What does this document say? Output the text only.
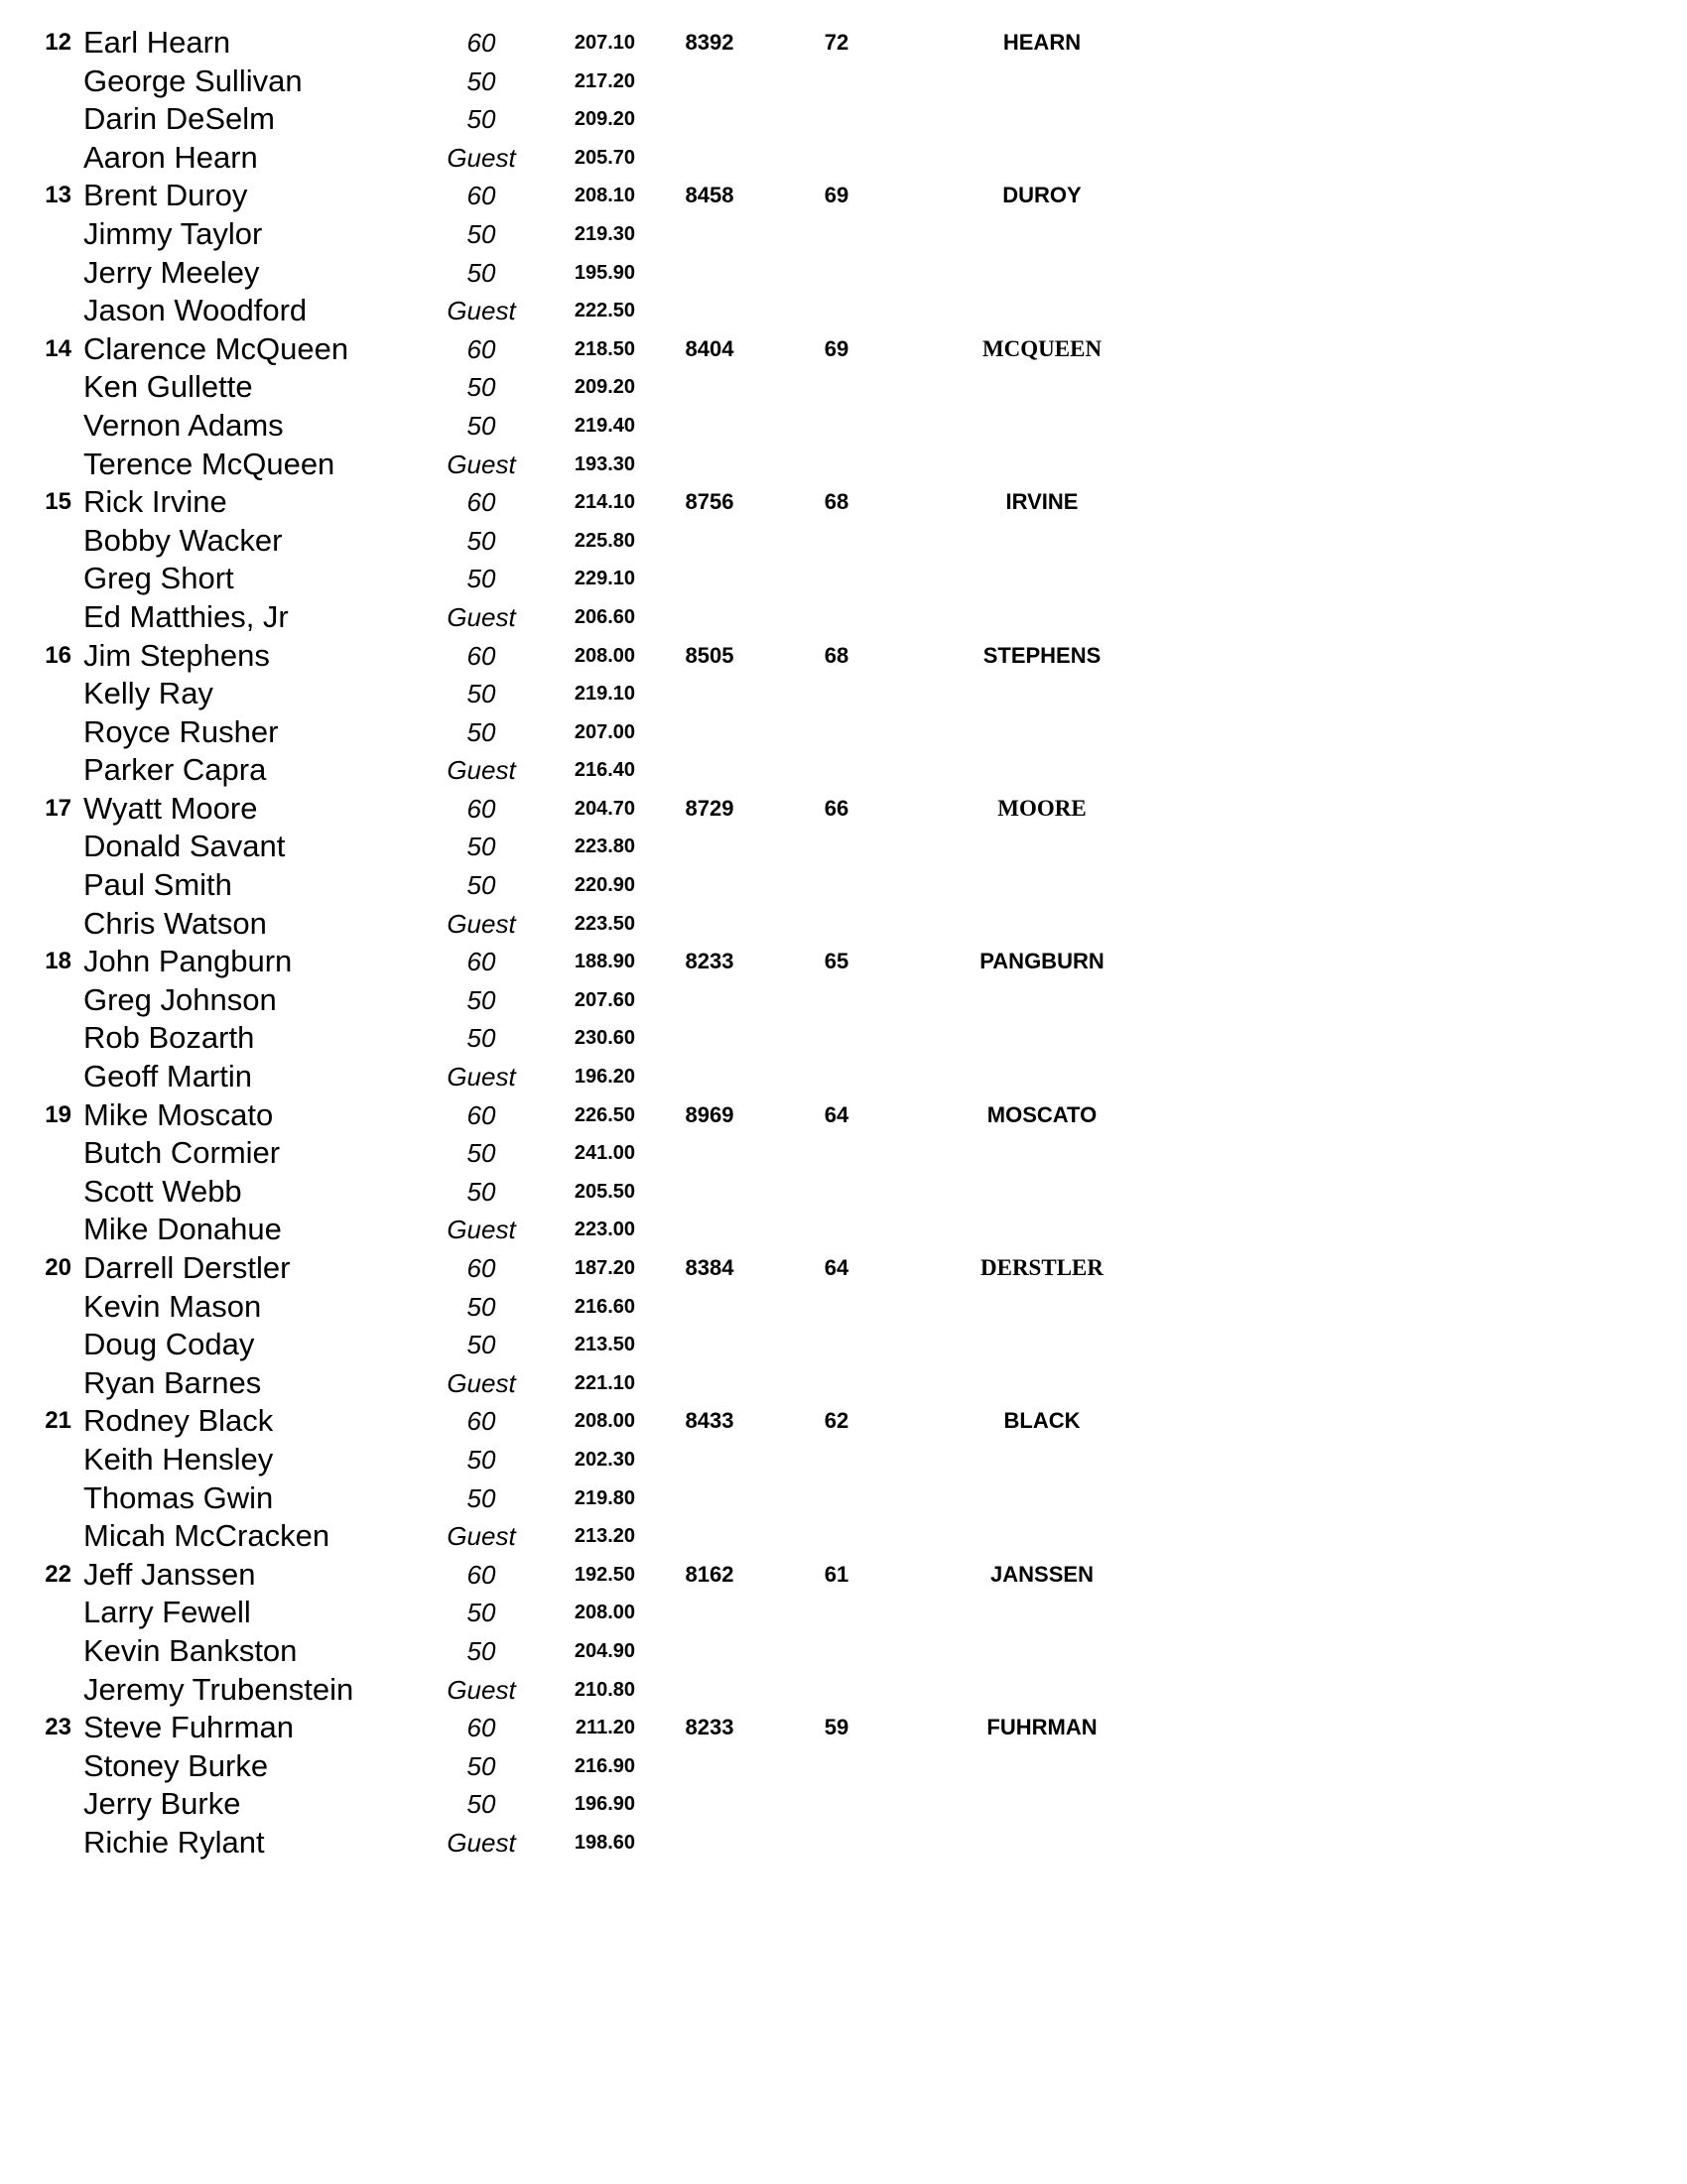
12 Earl Hearn	60	207.10	8392	72	HEARN
George Sullivan	50	217.20
Darin DeSelm	50	209.20
Aaron Hearn	Guest	205.70
13 Brent Duroy	60	208.10	8458	69	DUROY
Jimmy Taylor	50	219.30
Jerry Meeley	50	195.90
Jason Woodford	Guest	222.50
14 Clarence McQueen	60	218.50	8404	69	MCQUEEN
Ken Gullette	50	209.20
Vernon Adams	50	219.40
Terence McQueen	Guest	193.30
15 Rick Irvine	60	214.10	8756	68	IRVINE
Bobby Wacker	50	225.80
Greg Short	50	229.10
Ed Matthies, Jr	Guest	206.60
16 Jim Stephens	60	208.00	8505	68	STEPHENS
Kelly Ray	50	219.10
Royce Rusher	50	207.00
Parker Capra	Guest	216.40
17 Wyatt Moore	60	204.70	8729	66	MOORE
Donald Savant	50	223.80
Paul Smith	50	220.90
Chris Watson	Guest	223.50
18 John Pangburn	60	188.90	8233	65	PANGBURN
Greg Johnson	50	207.60
Rob Bozarth	50	230.60
Geoff Martin	Guest	196.20
19 Mike Moscato	60	226.50	8969	64	MOSCATO
Butch Cormier	50	241.00
Scott Webb	50	205.50
Mike Donahue	Guest	223.00
20 Darrell Derstler	60	187.20	8384	64	DERSTLER
Kevin Mason	50	216.60
Doug Coday	50	213.50
Ryan Barnes	Guest	221.10
21 Rodney Black	60	208.00	8433	62	BLACK
Keith Hensley	50	202.30
Thomas Gwin	50	219.80
Micah McCracken	Guest	213.20
22 Jeff Janssen	60	192.50	8162	61	JANSSEN
Larry Fewell	50	208.00
Kevin Bankston	50	204.90
Jeremy Trubenstein	Guest	210.80
23 Steve Fuhrman	60	211.20	8233	59	FUHRMAN
Stoney Burke	50	216.90
Jerry Burke	50	196.90
Richie Rylant	Guest	198.60
